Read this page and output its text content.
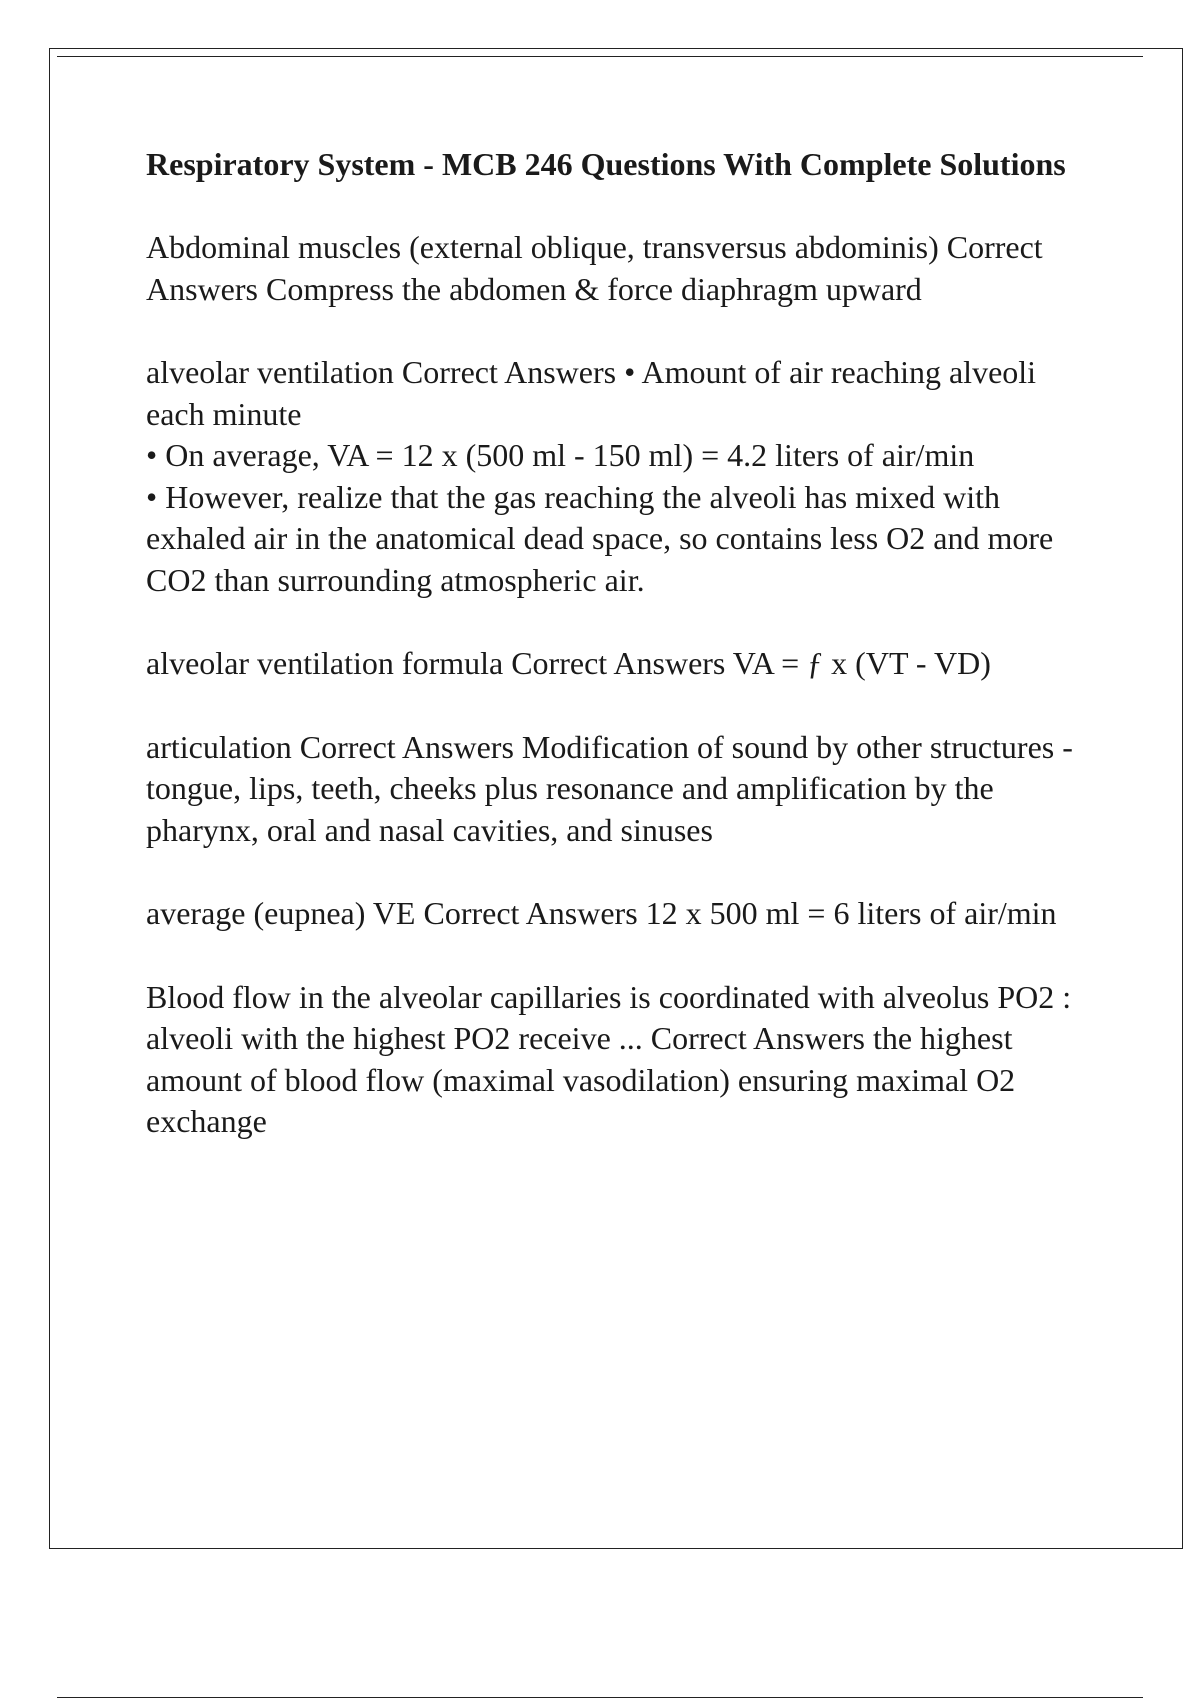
Respiratory System - MCB 246 Questions With Complete Solutions
Abdominal muscles (external oblique, transversus abdominis) Correct Answers Compress the abdomen & force diaphragm upward
alveolar ventilation Correct Answers • Amount of air reaching alveoli each minute
• On average, VA = 12 x (500 ml - 150 ml) = 4.2 liters of air/min
• However, realize that the gas reaching the alveoli has mixed with exhaled air in the anatomical dead space, so contains less O2 and more CO2 than surrounding atmospheric air.
alveolar ventilation formula Correct Answers VA = ƒ x (VT - VD)
articulation Correct Answers Modification of sound by other structures - tongue, lips, teeth, cheeks plus resonance and amplification by the pharynx, oral and nasal cavities, and sinuses
average (eupnea) VE Correct Answers 12 x 500 ml = 6 liters of air/min
Blood flow in the alveolar capillaries is coordinated with alveolus PO2 : alveoli with the highest PO2 receive ... Correct Answers the highest amount of blood flow (maximal vasodilation) ensuring maximal O2 exchange
